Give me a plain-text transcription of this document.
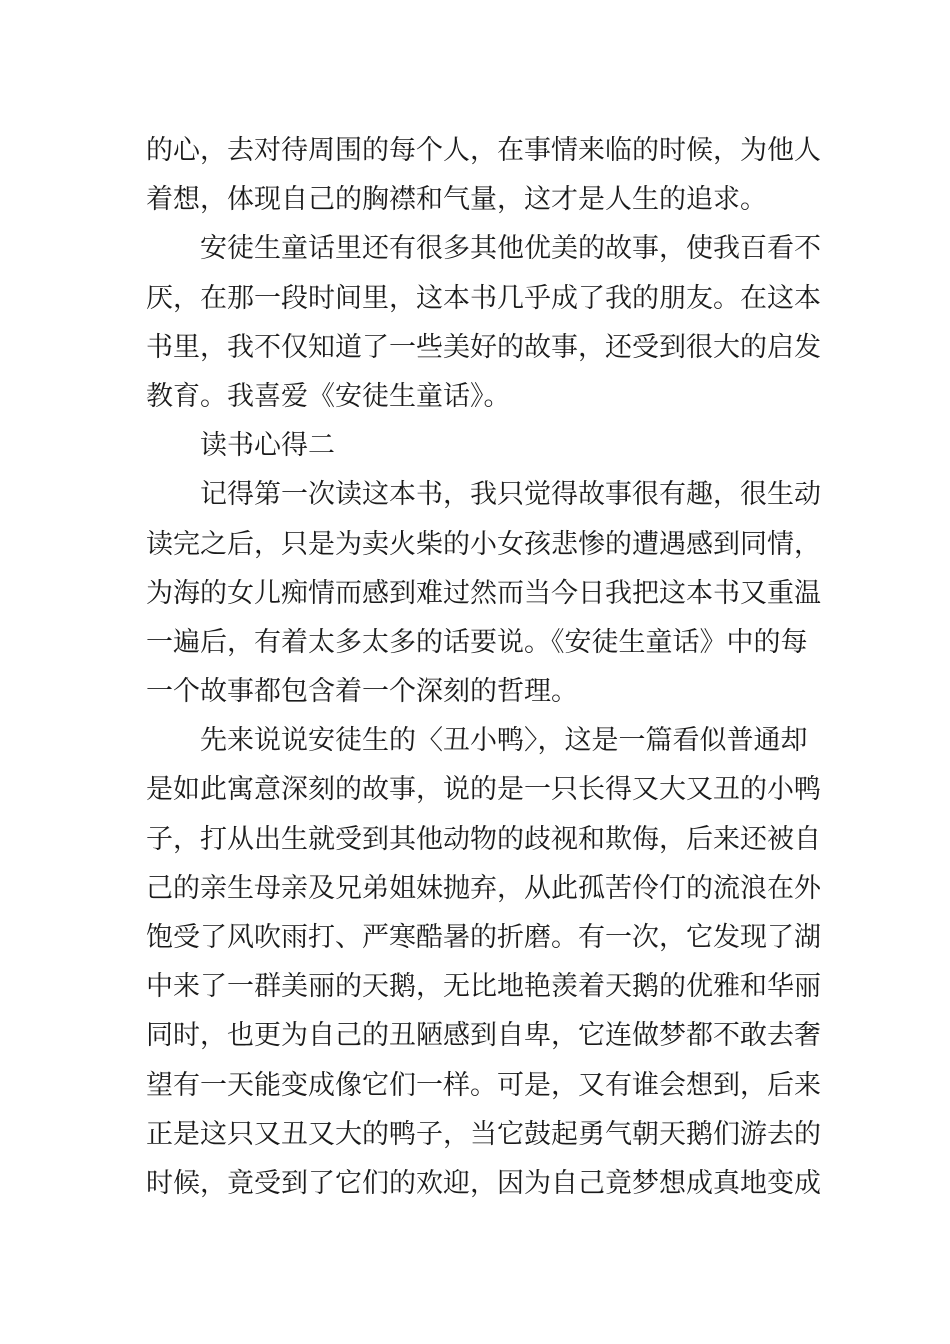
的心，去对待周围的每个人，在事情来临的时候，为他人
着想，体现自己的胸襟和气量，这才是人生的追求。
安徒生童话里还有很多其他优美的故事，使我百看不
厌，在那一段时间里，这本书几乎成了我的朋友。在这本
书里，我不仅知道了一些美好的故事，还受到很大的启发
教育。我喜爱《安徒生童话》。
读书心得二
记得第一次读这本书，我只觉得故事很有趣，很生动
读完之后，只是为卖火柴的小女孩悲惨的遭遇感到同情，
为海的女儿痴情而感到难过然而当今日我把这本书又重温
一遍后，有着太多太多的话要说。《安徒生童话》中的每
一个故事都包含着一个深刻的哲理。
先来说说安徒生的〈丑小鸭〉，这是一篇看似普通却
是如此寓意深刻的故事，说的是一只长得又大又丑的小鸭
子，打从出生就受到其他动物的歧视和欺侮，后来还被自
己的亲生母亲及兄弟姐妹抛弃，从此孤苦伶仃的流浪在外
饱受了风吹雨打、严寒酷暑的折磨。有一次，它发现了湖
中来了一群美丽的天鹅，无比地艳羡着天鹅的优雅和华丽
同时，也更为自己的丑陋感到自卑，它连做梦都不敢去奢
望有一天能变成像它们一样。可是，又有谁会想到，后来
正是这只又丑又大的鸭子，当它鼓起勇气朝天鹅们游去的
时候，竟受到了它们的欢迎，因为自己竟梦想成真地变成
